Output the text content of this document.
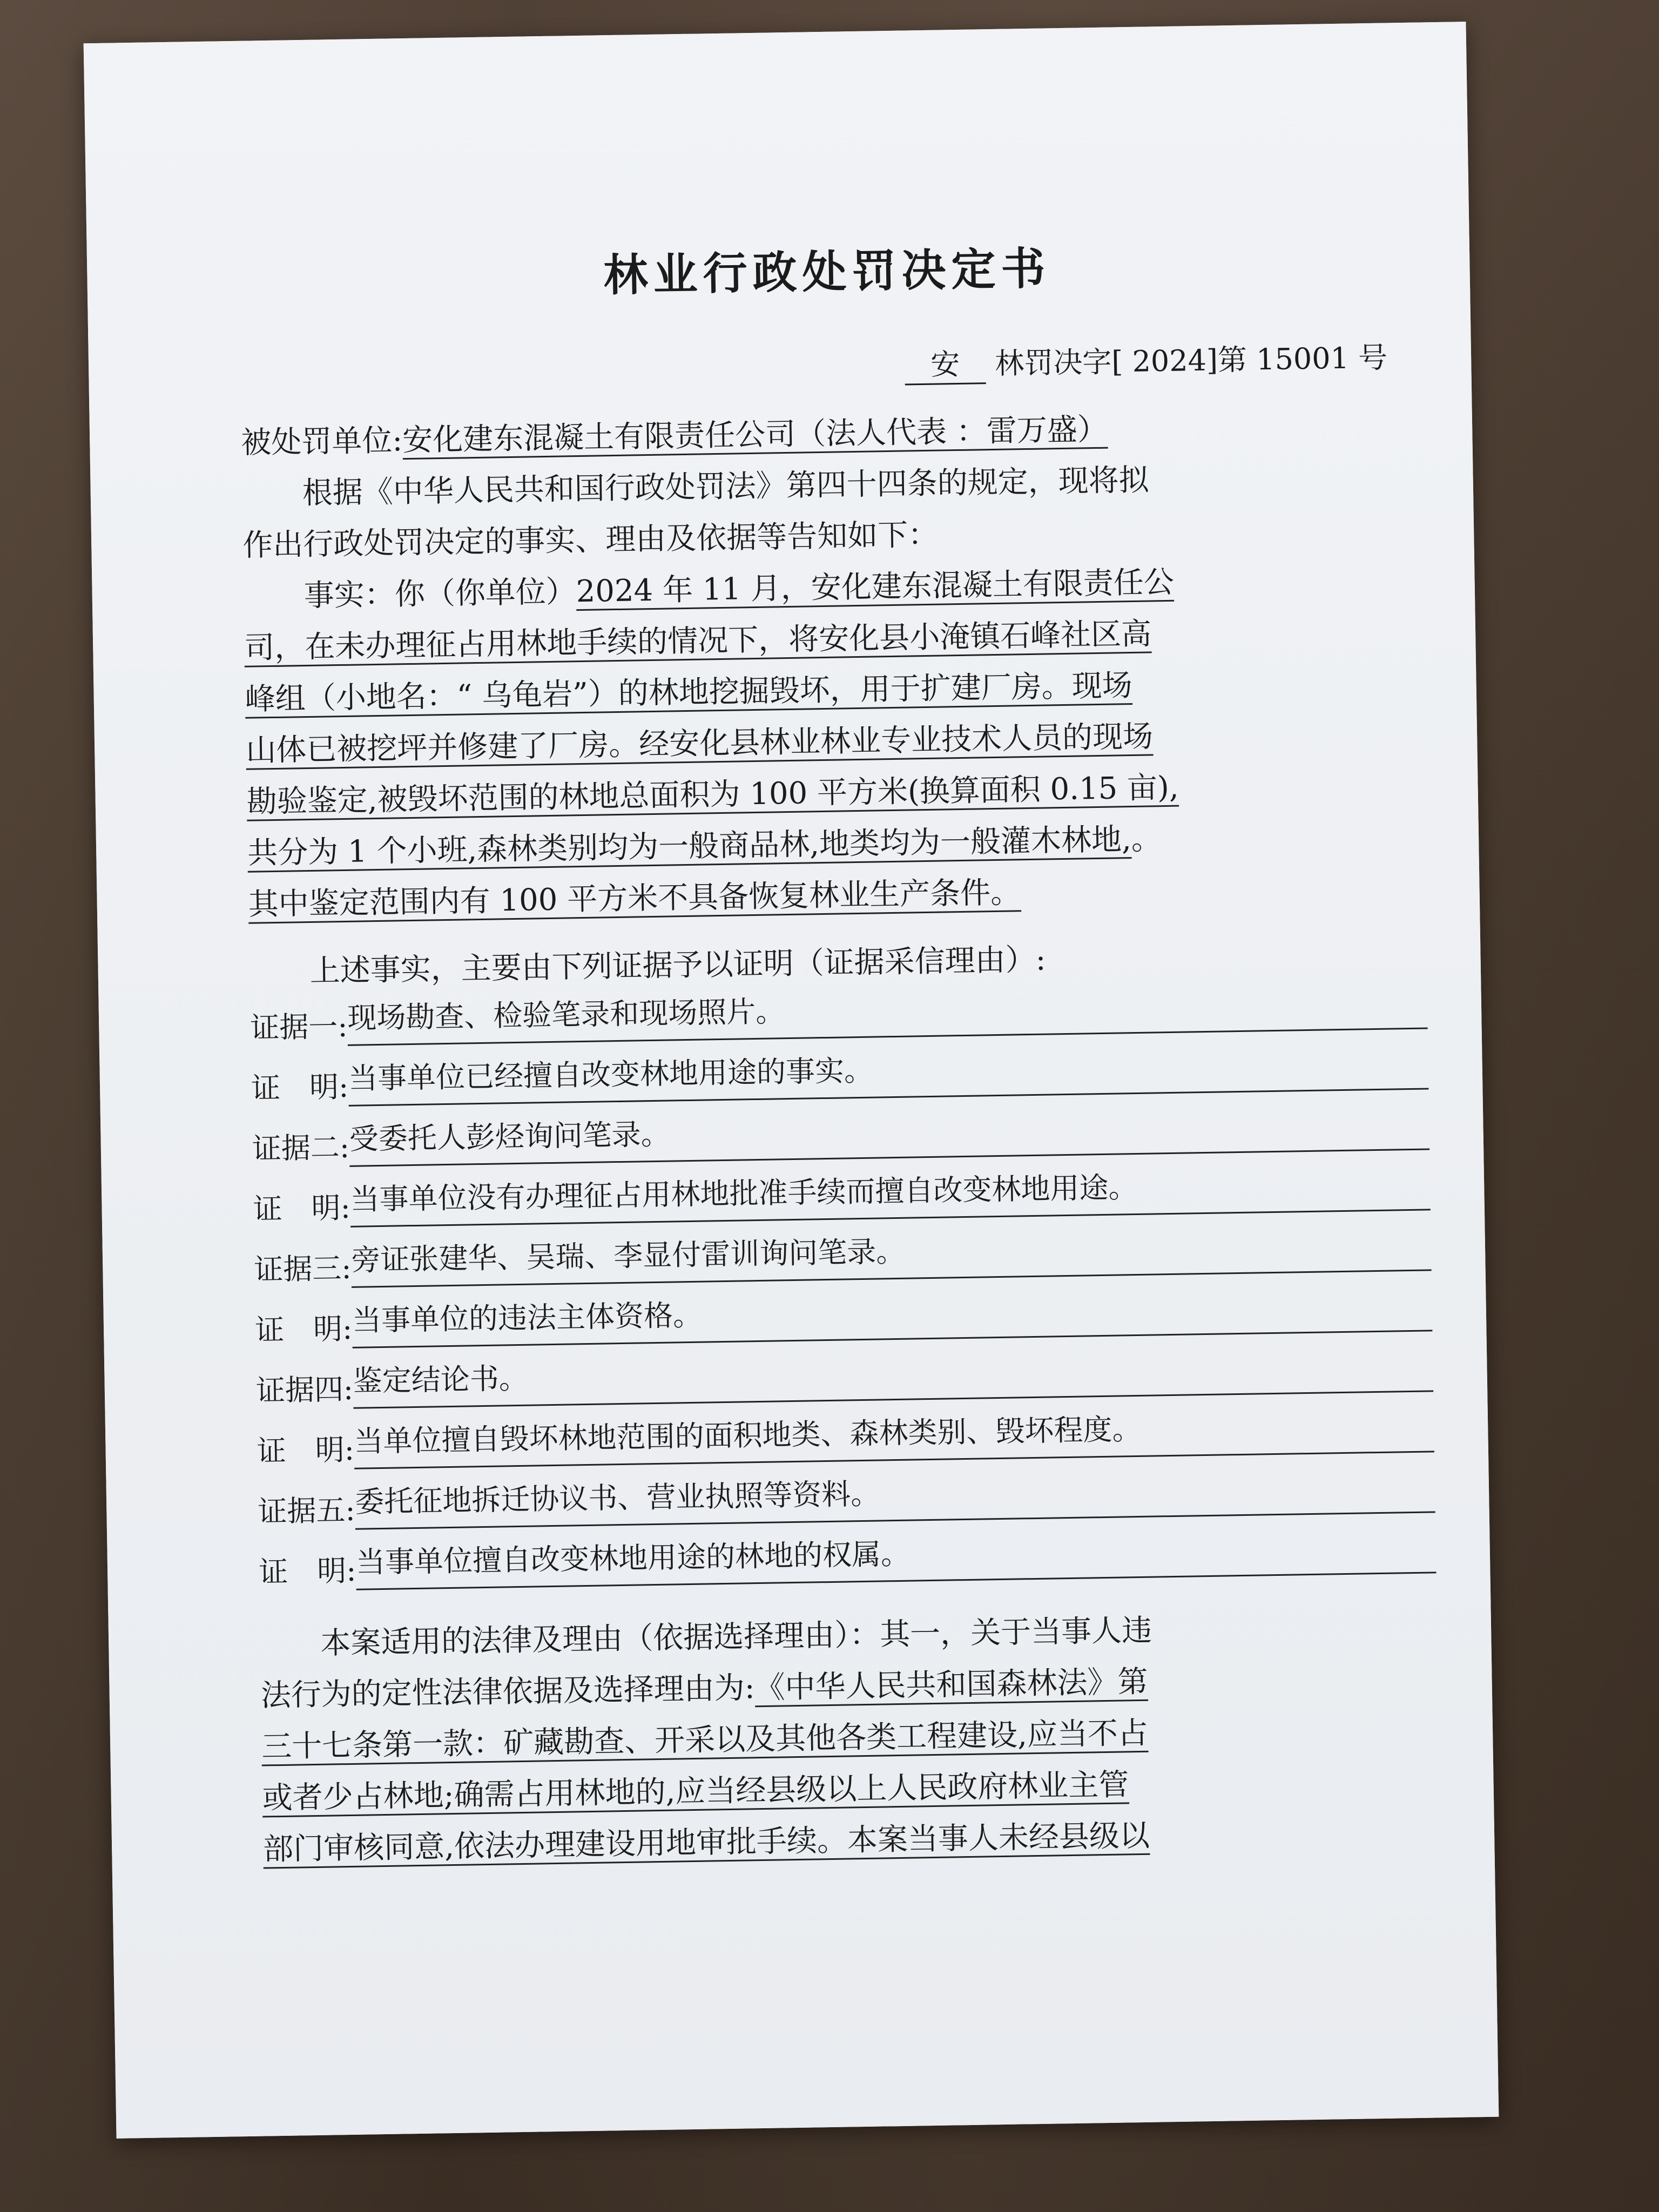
林业行政处罚决定书
安 林罚决字[ 2024]第 15001 号
被处罚单位:安化建东混凝土有限责任公司（法人代表 ：雷万盛）
根据《中华人民共和国行政处罚法》第四十四条的规定，现将拟
作出行政处罚决定的事实、理由及依据等告知如下：
事实：你（你单位）2024 年 11 月，安化建东混凝土有限责任公
司，在未办理征占用林地手续的情况下，将安化县小淹镇石峰社区高
峰组（小地名：“ 乌龟岩”）的林地挖掘毁坏，用于扩建厂房。现场
山体已被挖坪并修建了厂房。经安化县林业林业专业技术人员的现场
勘验鉴定,被毁坏范围的林地总面积为 100 平方米(换算面积 0.15 亩),
共分为 1 个小班,森林类别均为一般商品林,地类均为一般灌木林地,。
其中鉴定范围内有 100 平方米不具备恢复林业生产条件。
上述事实，主要由下列证据予以证明（证据采信理由）:
证据一:
现场勘查、检验笔录和现场照片。
证　明:
当事单位已经擅自改变林地用途的事实。
证据二:
受委托人彭烃询问笔录。
证　明:
当事单位没有办理征占用林地批准手续而擅自改变林地用途。
证据三:
旁证张建华、吴瑞、李显付雷训询问笔录。
证　明:
当事单位的违法主体资格。
证据四:
鉴定结论书。
证　明:
当单位擅自毁坏林地范围的面积地类、森林类别、毁坏程度。
证据五:
委托征地拆迁协议书、营业执照等资料。
证　明:
当事单位擅自改变林地用途的林地的权属。
本案适用的法律及理由（依据选择理由）：其一，关于当事人违
法行为的定性法律依据及选择理由为:《中华人民共和国森林法》第
三十七条第一款：矿藏勘查、开采以及其他各类工程建设,应当不占
或者少占林地;确需占用林地的,应当经县级以上人民政府林业主管
部门审核同意,依法办理建设用地审批手续。本案当事人未经县级以
